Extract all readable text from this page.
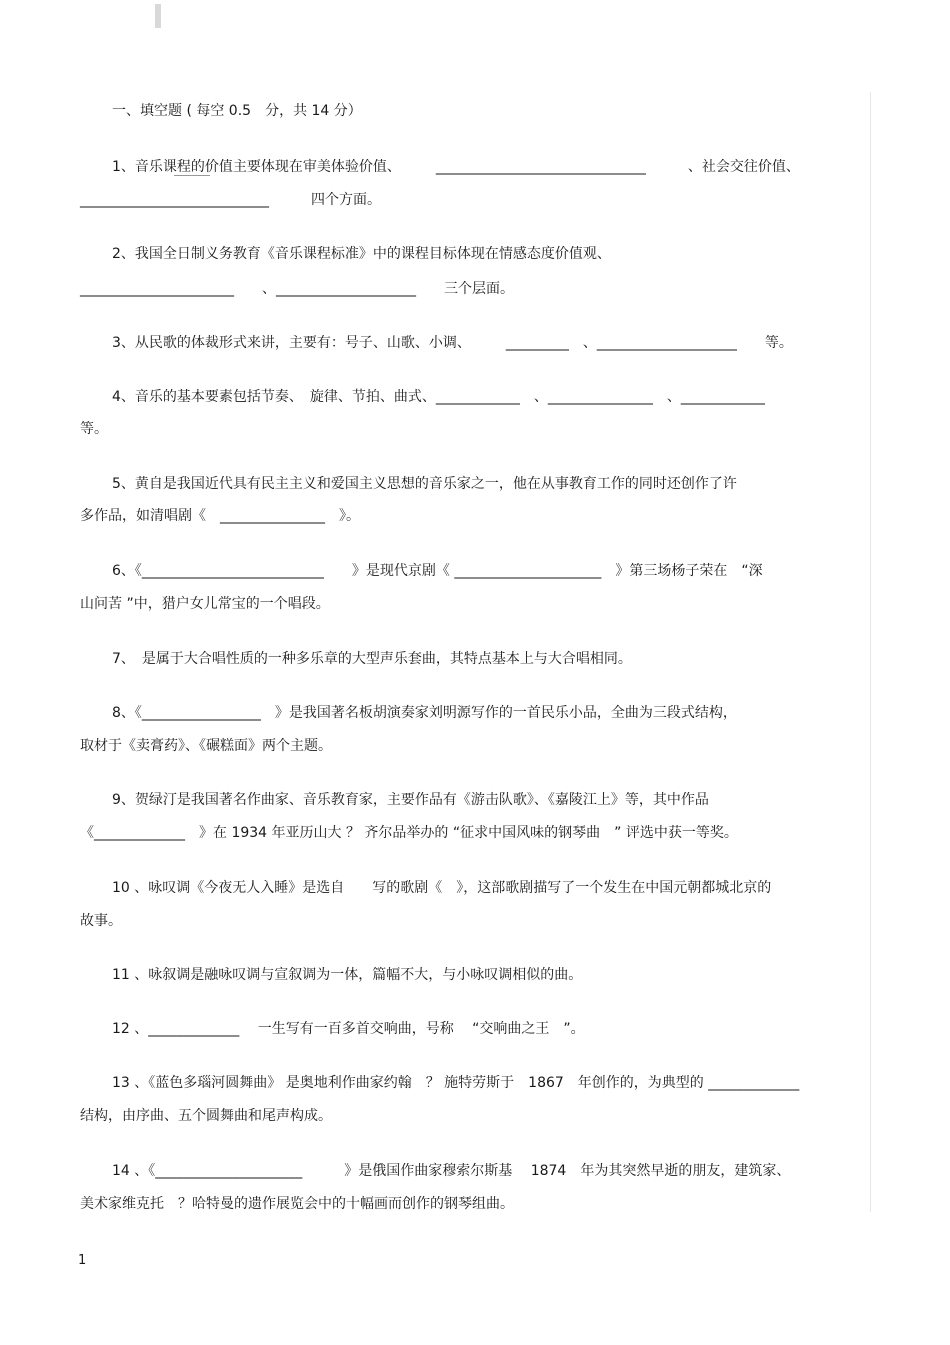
一、填空题 ( 每空 0.5　分，共 14 分）
1、音乐课程的价值主要体现在审美体验价值、　　　______________________________　　　、社会交往价值、
___________________________　　　四个方面。
2、我国全日制义务教育《音乐课程标准》中的课程目标体现在情感态度价值观、
______________________　　、____________________　　三个层面。
3、从民歌的体裁形式来讲，主要有：号子、山歌、小调、　　　_________　、____________________　　等。
4、音乐的基本要素包括节奏、　旋律、节拍、曲式、____________　、_______________　、____________
等。
5、黄自是我国近代具有民主主义和爱国主义思想的音乐家之一，他在从事教育工作的同时还创作了许
多作品，如清唱剧《　_______________　》。
6、《__________________________　　》是现代京剧《 _____________________　》第三场杨子荣在　“深
山问苦 ”中，猎户女儿常宝的一个唱段。
7、　是属于大合唱性质的一种多乐章的大型声乐套曲，其特点基本上与大合唱相同。
8、《_________________　》是我国著名板胡演奏家刘明源写作的一首民乐小品，全曲为三段式结构，
取材于《卖膏药》、《碾糕面》两个主题。
9、贺绿汀是我国著名作曲家、音乐教育家，主要作品有《游击队歌》、《嘉陵江上》等，其中作品
《_____________　》在 1934 年亚历山大 ？ 齐尔品举办的 “征求中国风味的钢琴曲　” 评选中获一等奖。
10 、咏叹调《今夜无人入睡》是选自　　写的歌剧《　》，这部歌剧描写了一个发生在中国元朝都城北京的
故事。
11 、咏叙调是融咏叹调与宣叙调为一体，篇幅不大，与小咏叹调相似的曲。
12 、_____________　 一生写有一百多首交响曲，号称　 “交响曲之王　”。
13 、《蓝色多瑙河圆舞曲》 是奥地利作曲家约翰　？ 施特劳斯于　1867　年创作的，为典型的 _____________
结构，由序曲、五个圆舞曲和尾声构成。
14 、《_____________________　　　》是俄国作曲家穆索尔斯基　 1874　年为其突然早逝的朋友，建筑家、
美术家维克托　？哈特曼的遗作展览会中的十幅画而创作的钢琴组曲。
1
